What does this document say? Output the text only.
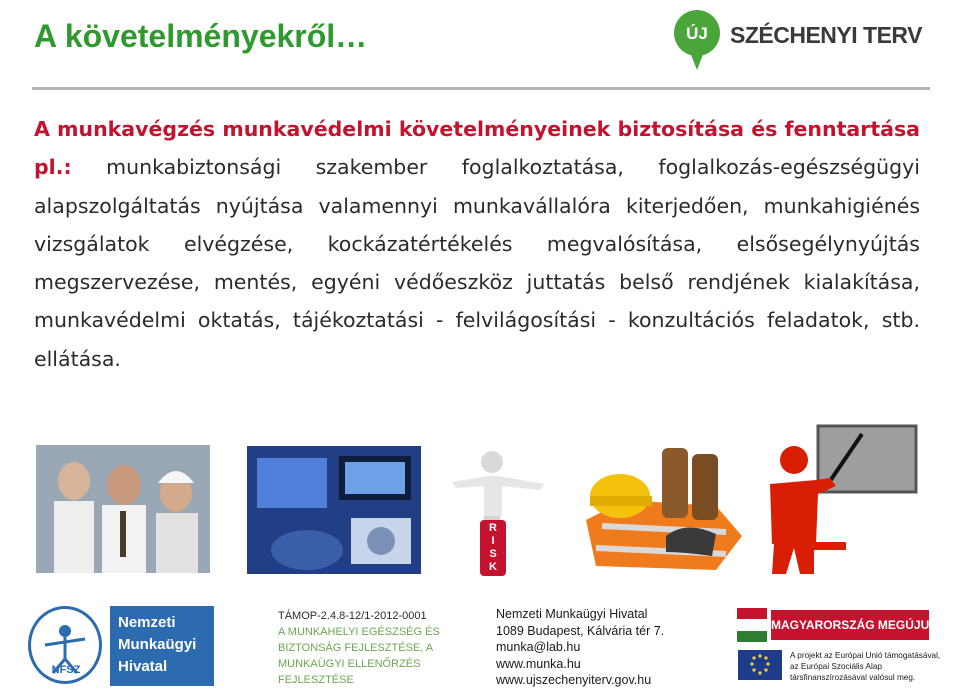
A követelményekről…	ÚJ SZÉCHENYI TERV
A munkavégzés munkavédelmi követelményeinek biztosítása és fenntartása pl.: munkabiztonsági szakember foglalkoztatása, foglalkozás-egészségügyi alapszolgáltatás nyújtása valamennyi munkavállalóra kiterjedően, munkahigiénés vizsgálatok elvégzése, kockázatértékelés megvalósítása, elsősegélynyújtás megszervezése, mentés, egyéni védőeszköz juttatás belső rendjének kialakítása, munkavédelmi oktatás, tájékoztatási - felvilágosítási - konzultációs feladatok, stb. ellátása.
R
I
S
K
NFSZ
Nemzeti
Munkaügyi
Hivatal
TÁMOP-2.4.8-12/1-2012-0001
A MUNKAHELYI EGÉSZSÉG ÉS
BIZTONSÁG FEJLESZTÉSE, A
MUNKAÜGYI ELLENŐRZÉS
FEJLESZTÉSE
Nemzeti Munkaügyi Hivatal
1089 Budapest, Kálvária tér 7.
munka@lab.hu
www.munka.hu
www.ujszechenyiterv.gov.hu
MAGYARORSZÁG MEGÚJUL
A projekt az Európai Unió támogatásával,
az Európai Szociális Alap
társfinanszírozásával valósul meg.
